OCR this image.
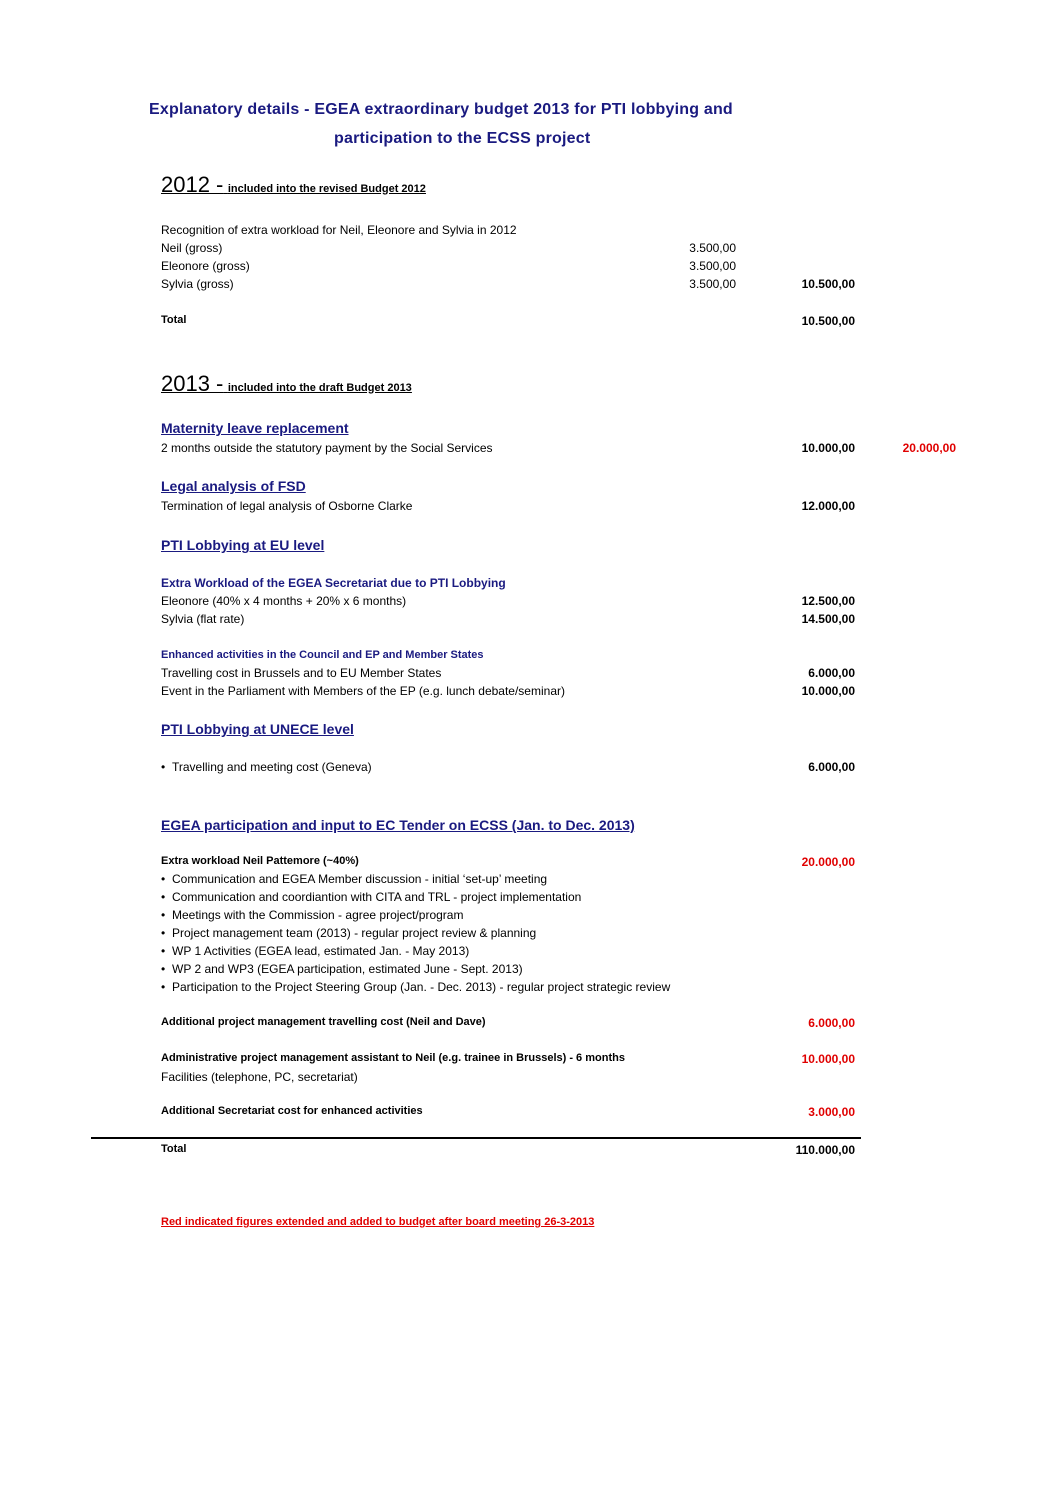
Explanatory details - EGEA extraordinary budget 2013 for PTI lobbying and
participation to the ECSS project
2012 - included into the revised Budget 2012
Recognition of extra workload for Neil, Eleonore and Sylvia in 2012
Neil (gross)	3.500,00
Eleonore (gross)	3.500,00
Sylvia (gross)	3.500,00	10.500,00
Total	10.500,00
2013 - included into the draft Budget 2013
Maternity leave replacement
2 months outside the statutory payment by the Social Services	10.000,00	20.000,00
Legal analysis of FSD
Termination of legal analysis of Osborne Clarke	12.000,00
PTI Lobbying at EU level
Extra Workload of the EGEA Secretariat due to PTI Lobbying
Eleonore (40% x 4 months + 20% x 6 months)	12.500,00
Sylvia (flat rate)	14.500,00
Enhanced activities in the Council and EP and Member States
Travelling cost in Brussels and to EU Member States	6.000,00
Event in the Parliament with Members of the EP (e.g. lunch debate/seminar)	10.000,00
PTI Lobbying at UNECE level
• Travelling and meeting cost (Geneva)	6.000,00
EGEA participation and input to EC Tender on ECSS (Jan. to Dec. 2013)
Extra workload Neil Pattemore (~40%)	20.000,00
• Communication and EGEA Member discussion - initial ‘set-up’ meeting
• Communication and coordiantion with CITA and TRL - project implementation
• Meetings with the Commission - agree project/program
• Project management team (2013) - regular project review & planning
• WP 1 Activities (EGEA lead, estimated Jan. - May 2013)
• WP 2 and WP3 (EGEA participation, estimated June - Sept. 2013)
• Participation to the Project Steering Group (Jan. - Dec. 2013) - regular project strategic review
Additional project management travelling cost (Neil and Dave)	6.000,00
Administrative project management assistant to Neil (e.g. trainee in Brussels) - 6 months	10.000,00
Facilities (telephone, PC, secretariat)
Additional Secretariat cost for enhanced activities	3.000,00
Total	110.000,00
Red indicated figures extended and added to budget after board meeting 26-3-2013
